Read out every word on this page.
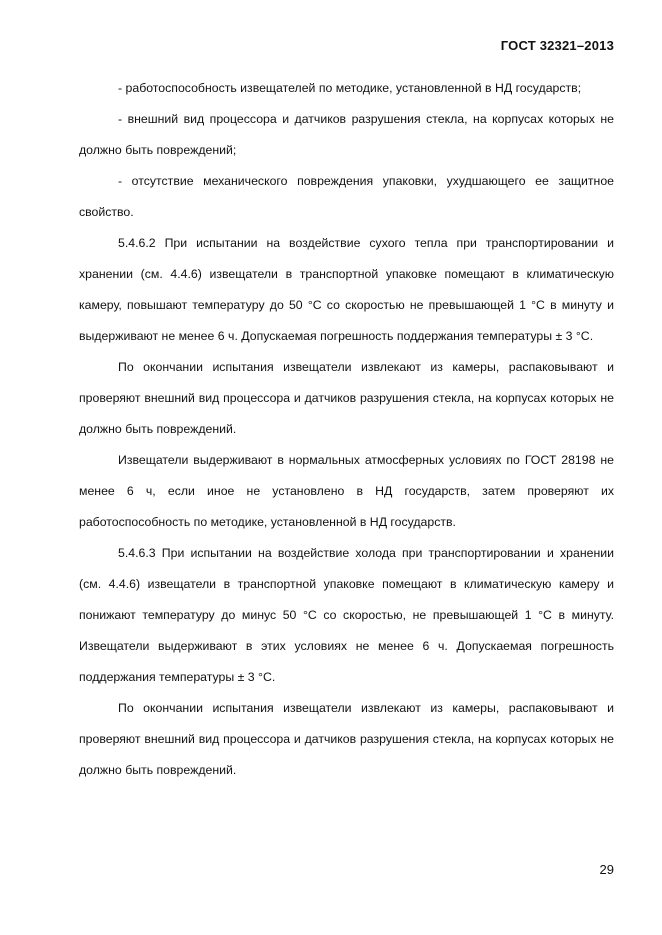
ГОСТ 32321–2013

- работоспособность извещателей по методике, установленной в НД государств;

- внешний вид процессора и датчиков разрушения стекла, на корпусах которых не должно быть повреждений;

- отсутствие механического повреждения упаковки, ухудшающего ее защитное свойство.

5.4.6.2 При испытании на воздействие сухого тепла при транспортировании и хранении (см. 4.4.6) извещатели в транспортной упаковке помещают в климатическую камеру, повышают температуру до 50 °С со скоростью не превышающей 1 °С в минуту и выдерживают не менее 6 ч. Допускаемая погрешность поддержания температуры ± 3 °С.

По окончании испытания извещатели извлекают из камеры, распаковывают и проверяют внешний вид процессора и датчиков разрушения стекла, на корпусах которых не должно быть повреждений.

Извещатели выдерживают в нормальных атмосферных условиях по ГОСТ 28198 не менее 6 ч, если иное не установлено в НД государств, затем проверяют их работоспособность по методике, установленной в НД государств.

5.4.6.3 При испытании на воздействие холода при транспортировании и хранении (см. 4.4.6) извещатели в транспортной упаковке помещают в климатическую камеру и понижают температуру до минус 50 °С со скоростью, не превышающей 1 °С в минуту. Извещатели выдерживают в этих условиях не менее 6 ч. Допускаемая погрешность поддержания температуры ± 3 °С.

По окончании испытания извещатели извлекают из камеры, распаковывают и проверяют внешний вид процессора и датчиков разрушения стекла, на корпусах которых не должно быть повреждений.

29
